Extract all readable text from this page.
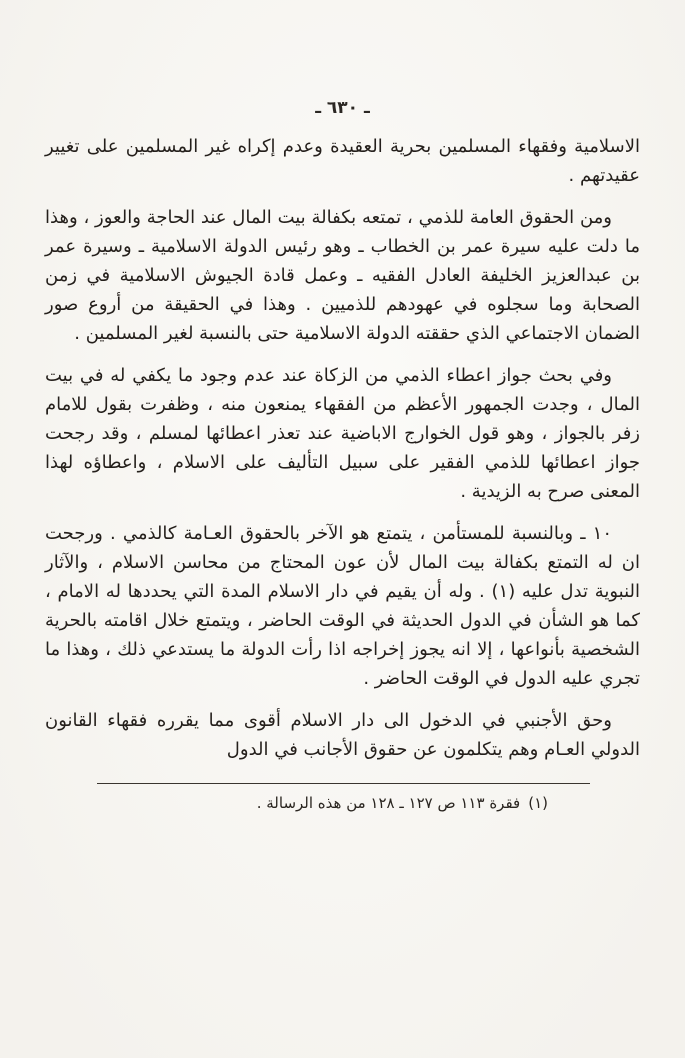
ـ ٦٣٠ ـ

الاسلامية وفقهاء المسلمين بحرية العقيدة وعدم إكراه غير المسلمين على تغيير عقيدتهم .

ومن الحقوق العامة للذمي ، تمتعه بكفالة بيت المال عند الحاجة والعوز ، وهذا ما دلت عليه سيرة عمر بن الخطاب ـ وهو رئيس الدولة الاسلامية ـ وسيرة عمر بن عبدالعزيز الخليفة العادل الفقيه ـ وعمل قادة الجيوش الاسلامية في زمن الصحابة وما سجلوه في عهودهم للذميين . وهذا في الحقيقة من أروع صور الضمان الاجتماعي الذي حققته الدولة الاسلامية حتى بالنسبة لغير المسلمين .

وفي بحث جواز اعطاء الذمي من الزكاة عند عدم وجود ما يكفي له في بيت المال ، وجدت الجمهور الأعظم من الفقهاء يمنعون منه ، وظفرت بقول للامام زفر بالجواز ، وهو قول الخوارج الاباضية عند تعذر اعطائها لمسلم ، وقد رجحت جواز اعطائها للذمي الفقير على سبيل التأليف على الاسلام ، واعطاؤه لهذا المعنى صرح به الزيدية .

١٠ ـ وبالنسبة للمستأمن ، يتمتع هو الآخر بالحقوق العـامة كالذمي . ورجحت ان له التمتع بكفالة بيت المال لأن عون المحتاج من محاسن الاسلام ، والآثار النبوية تدل عليه (١) . وله أن يقيم في دار الاسلام المدة التي يحددها له الامام ، كما هو الشأن في الدول الحديثة في الوقت الحاضر ، ويتمتع خلال اقامته بالحرية الشخصية بأنواعها ، إلا انه يجوز إخراجه اذا رأت الدولة ما يستدعي ذلك ، وهذا ما تجري عليه الدول في الوقت الحاضر .

وحق الأجنبي في الدخول الى دار الاسلام أقوى مما يقرره فقهاء القانون الدولي العـام وهم يتكلمون عن حقوق الأجانب في الدول

(١)فقرة ١١٣ ص ١٢٧ ـ ١٢٨ من هذه الرسالة .
